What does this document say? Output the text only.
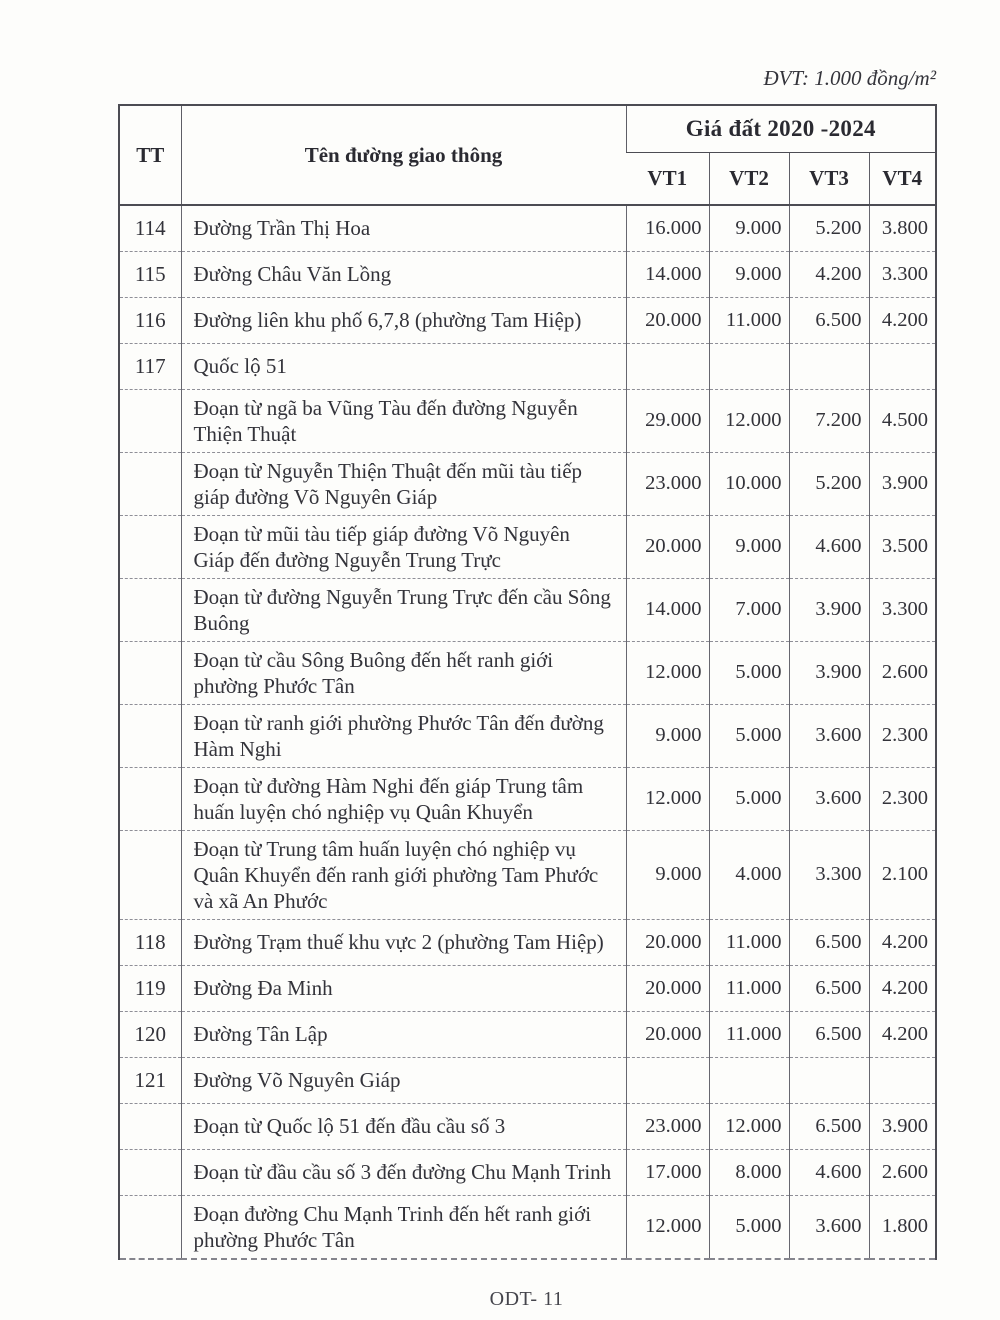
ĐVT: 1.000 đồng/m²
TT	Tên đường giao thông	Giá đất 2020 -2024			
		VT1	VT2	VT3	VT4
114	Đường Trần Thị Hoa	16.000	9.000	5.200	3.800
115	Đường Châu Văn Lồng	14.000	9.000	4.200	3.300
116	Đường liên khu phố 6,7,8 (phường Tam Hiệp)	20.000	11.000	6.500	4.200
117	Quốc lộ 51				
	Đoạn từ ngã ba Vũng Tàu đến đường Nguyễn Thiện Thuật	29.000	12.000	7.200	4.500
	Đoạn từ Nguyễn Thiện Thuật đến mũi tàu tiếp giáp đường Võ Nguyên Giáp	23.000	10.000	5.200	3.900
	Đoạn từ mũi tàu tiếp giáp đường Võ Nguyên Giáp đến đường Nguyễn Trung Trực	20.000	9.000	4.600	3.500
	Đoạn từ đường Nguyễn Trung Trực đến cầu Sông Buông	14.000	7.000	3.900	3.300
	Đoạn từ cầu Sông Buông đến hết ranh giới phường Phước Tân	12.000	5.000	3.900	2.600
	Đoạn từ ranh giới phường Phước Tân đến đường Hàm Nghi	9.000	5.000	3.600	2.300
	Đoạn từ đường Hàm Nghi đến giáp Trung tâm huấn luyện chó nghiệp vụ Quân Khuyển	12.000	5.000	3.600	2.300
	Đoạn từ Trung tâm huấn luyện chó nghiệp vụ Quân Khuyển đến ranh giới phường Tam Phước và xã An Phước	9.000	4.000	3.300	2.100
118	Đường Trạm thuế khu vực 2 (phường Tam Hiệp)	20.000	11.000	6.500	4.200
119	Đường Đa Minh	20.000	11.000	6.500	4.200
120	Đường Tân Lập	20.000	11.000	6.500	4.200
121	Đường Võ Nguyên Giáp				
	Đoạn từ Quốc lộ 51 đến đầu cầu số 3	23.000	12.000	6.500	3.900
	Đoạn từ đầu cầu số 3 đến đường Chu Mạnh Trinh	17.000	8.000	4.600	2.600
	Đoạn đường Chu Mạnh Trinh đến hết ranh giới phường Phước Tân	12.000	5.000	3.600	1.800
ODT- 11
